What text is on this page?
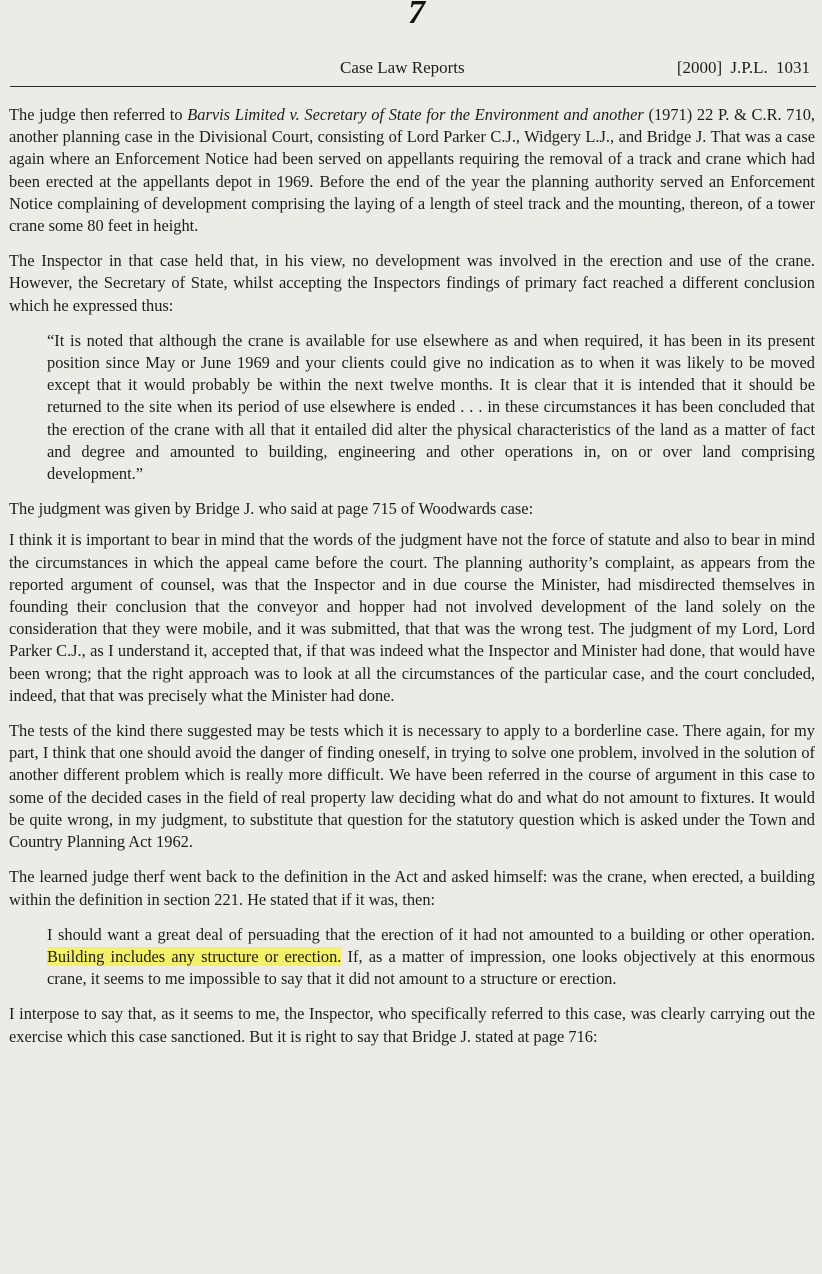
7
Case Law Reports	[2000] J.P.L. 1031

The judge then referred to Barvis Limited v. Secretary of State for the Environment and another (1971) 22 P. & C.R. 710, another planning case in the Divisional Court, consisting of Lord Parker C.J., Widgery L.J., and Bridge J. That was a case again where an Enforcement Notice had been served on appellants requiring the removal of a track and crane which had been erected at the appellants depot in 1969. Before the end of the year the planning authority served an Enforcement Notice complaining of development comprising the laying of a length of steel track and the mounting, thereon, of a tower crane some 80 feet in height.

The Inspector in that case held that, in his view, no development was involved in the erection and use of the crane. However, the Secretary of State, whilst accepting the Inspectors findings of primary fact reached a different conclusion which he expressed thus:

“It is noted that although the crane is available for use elsewhere as and when required, it has been in its present position since May or June 1969 and your clients could give no indication as to when it was likely to be moved except that it would probably be within the next twelve months. It is clear that it is intended that it should be returned to the site when its period of use elsewhere is ended . . . in these circumstances it has been concluded that the erection of the crane with all that it entailed did alter the physical characteristics of the land as a matter of fact and degree and amounted to building, engineering and other operations in, on or over land comprising development.”

The judgment was given by Bridge J. who said at page 715 of Woodwards case:

I think it is important to bear in mind that the words of the judgment have not the force of statute and also to bear in mind the circumstances in which the appeal came before the court. The planning authority’s complaint, as appears from the reported argument of counsel, was that the Inspector and in due course the Minister, had misdirected themselves in founding their conclusion that the conveyor and hopper had not involved development of the land solely on the consideration that they were mobile, and it was submitted, that that was the wrong test. The judgment of my Lord, Lord Parker C.J., as I understand it, accepted that, if that was indeed what the Inspector and Minister had done, that would have been wrong; that the right approach was to look at all the circumstances of the particular case, and the court concluded, indeed, that that was precisely what the Minister had done.

The tests of the kind there suggested may be tests which it is necessary to apply to a borderline case. There again, for my part, I think that one should avoid the danger of finding oneself, in trying to solve one problem, involved in the solution of another different problem which is really more difficult. We have been referred in the course of argument in this case to some of the decided cases in the field of real property law deciding what do and what do not amount to fixtures. It would be quite wrong, in my judgment, to substitute that question for the statutory question which is asked under the Town and Country Planning Act 1962.

The learned judge therf went back to the definition in the Act and asked himself: was the crane, when erected, a building within the definition in section 221. He stated that if it was, then:

I should want a great deal of persuading that the erection of it had not amounted to a building or other operation. Building includes any structure or erection. If, as a matter of impression, one looks objectively at this enormous crane, it seems to me impossible to say that it did not amount to a structure or erection.

I interpose to say that, as it seems to me, the Inspector, who specifically referred to this case, was clearly carrying out the exercise which this case sanctioned. But it is right to say that Bridge J. stated at page 716:
